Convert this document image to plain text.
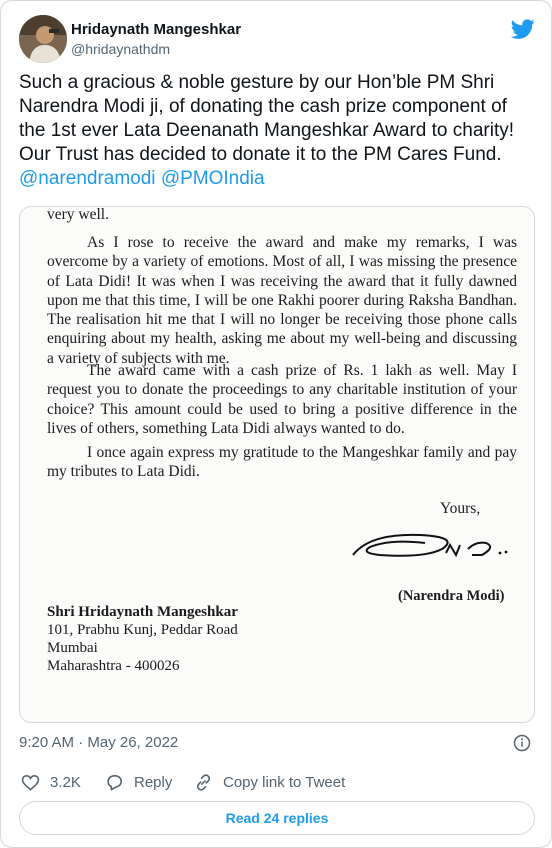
Hridaynath Mangeshkar
@hridaynathdm
Such a gracious & noble gesture by our Hon’ble PM Shri Narendra Modi ji, of donating the cash prize component of the 1st ever Lata Deenanath Mangeshkar Award to charity! Our Trust has decided to donate it to the PM Cares Fund. @narendramodi @PMOIndia
very well.
As I rose to receive the award and make my remarks, I was overcome by a variety of emotions. Most of all, I was missing the presence of Lata Didi! It was when I was receiving the award that it fully dawned upon me that this time, I will be one Rakhi poorer during Raksha Bandhan. The realisation hit me that I will no longer be receiving those phone calls enquiring about my health, asking me about my well-being and discussing a variety of subjects with me.
The award came with a cash prize of Rs. 1 lakh as well. May I request you to donate the proceedings to any charitable institution of your choice? This amount could be used to bring a positive difference in the lives of others, something Lata Didi always wanted to do.
I once again express my gratitude to the Mangeshkar family and pay my tributes to Lata Didi.
Yours,
(Narendra Modi)
Shri Hridaynath Mangeshkar
101, Prabhu Kunj, Peddar Road
Mumbai
Maharashtra - 400026
9:20 AM · May 26, 2022
3.2K	Reply	Copy link to Tweet
Read 24 replies
